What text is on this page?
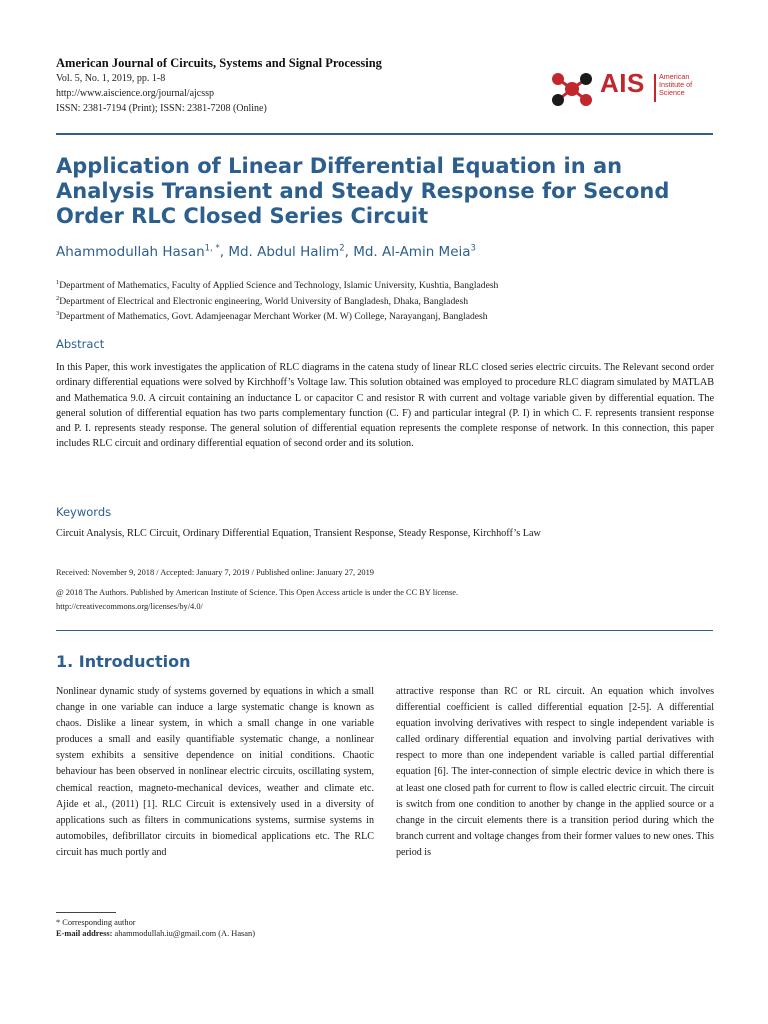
American Journal of Circuits, Systems and Signal Processing
Vol. 5, No. 1, 2019, pp. 1-8
http://www.aiscience.org/journal/ajcssp
ISSN: 2381-7194 (Print); ISSN: 2381-7208 (Online)
AIS American
Institute of
Science
Application of Linear Differential Equation in an Analysis Transient and Steady Response for Second Order RLC Closed Series Circuit
Ahammodullah Hasan$^{1, *}$, Md. Abdul Halim$^2$, Md. Al-Amin Meia$^3$
$^1$Department of Mathematics, Faculty of Applied Science and Technology, Islamic University, Kushtia, Bangladesh
$^2$Department of Electrical and Electronic engineering, World University of Bangladesh, Dhaka, Bangladesh
$^3$Department of Mathematics, Govt. Adamjeenagar Merchant Worker (M. W) College, Narayanganj, Bangladesh
Abstract

In this Paper, this work investigates the application of RLC diagrams in the catena study of linear RLC closed series electric circuits. The Relevant second order ordinary differential equations were solved by Kirchhoff’s Voltage law. This solution obtained was employed to procedure RLC diagram simulated by MATLAB and Mathematica 9.0. A circuit containing an inductance L or capacitor C and resistor R with current and voltage variable given by differential equation. The general solution of differential equation has two parts complementary function (C. F) and particular integral (P. I) in which C. F. represents transient response and P. I. represents steady response. The general solution of differential equation represents the complete response of network. In this connection, this paper includes RLC circuit and ordinary differential equation of second order and its solution.

Keywords

Circuit Analysis, RLC Circuit, Ordinary Differential Equation, Transient Response, Steady Response, Kirchhoff’s Law

Received: November 9, 2018 / Accepted: January 7, 2019 / Published online: January 27, 2019
@ 2018 The Authors. Published by American Institute of Science. This Open Access article is under the CC BY license.
http://creativecommons.org/licenses/by/4.0/
1. Introduction

Nonlinear dynamic study of systems governed by equations in which a small change in one variable can induce a large systematic change is known as chaos. Dislike a linear system, in which a small change in one variable produces a small and easily quantifiable systematic change, a nonlinear system exhibits a sensitive dependence on initial conditions. Chaotic behaviour has been observed in nonlinear electric circuits, oscillating system, chemical reaction, magneto-mechanical devices, weather and climate etc. Ajide et al., (2011) [1]. RLC Circuit is extensively used in a diversity of applications such as filters in communications systems, surmise systems in automobiles, defibrillator circuits in biomedical applications etc. The RLC circuit has much portly and

attractive response than RC or RL circuit. An equation which involves differential coefficient is called differential equation [2-5]. A differential equation involving derivatives with respect to single independent variable is called ordinary differential equation and involving partial derivatives with respect to more than one independent variable is called partial differential equation [6]. The inter-connection of simple electric device in which there is at least one closed path for current to flow is called electric circuit. The circuit is switch from one condition to another by change in the applied source or a change in the circuit elements there is a transition period during which the branch current and voltage changes from their former values to new ones. This period is

* Corresponding author
E-mail address: ahammodullah.iu@gmail.com (A. Hasan)
